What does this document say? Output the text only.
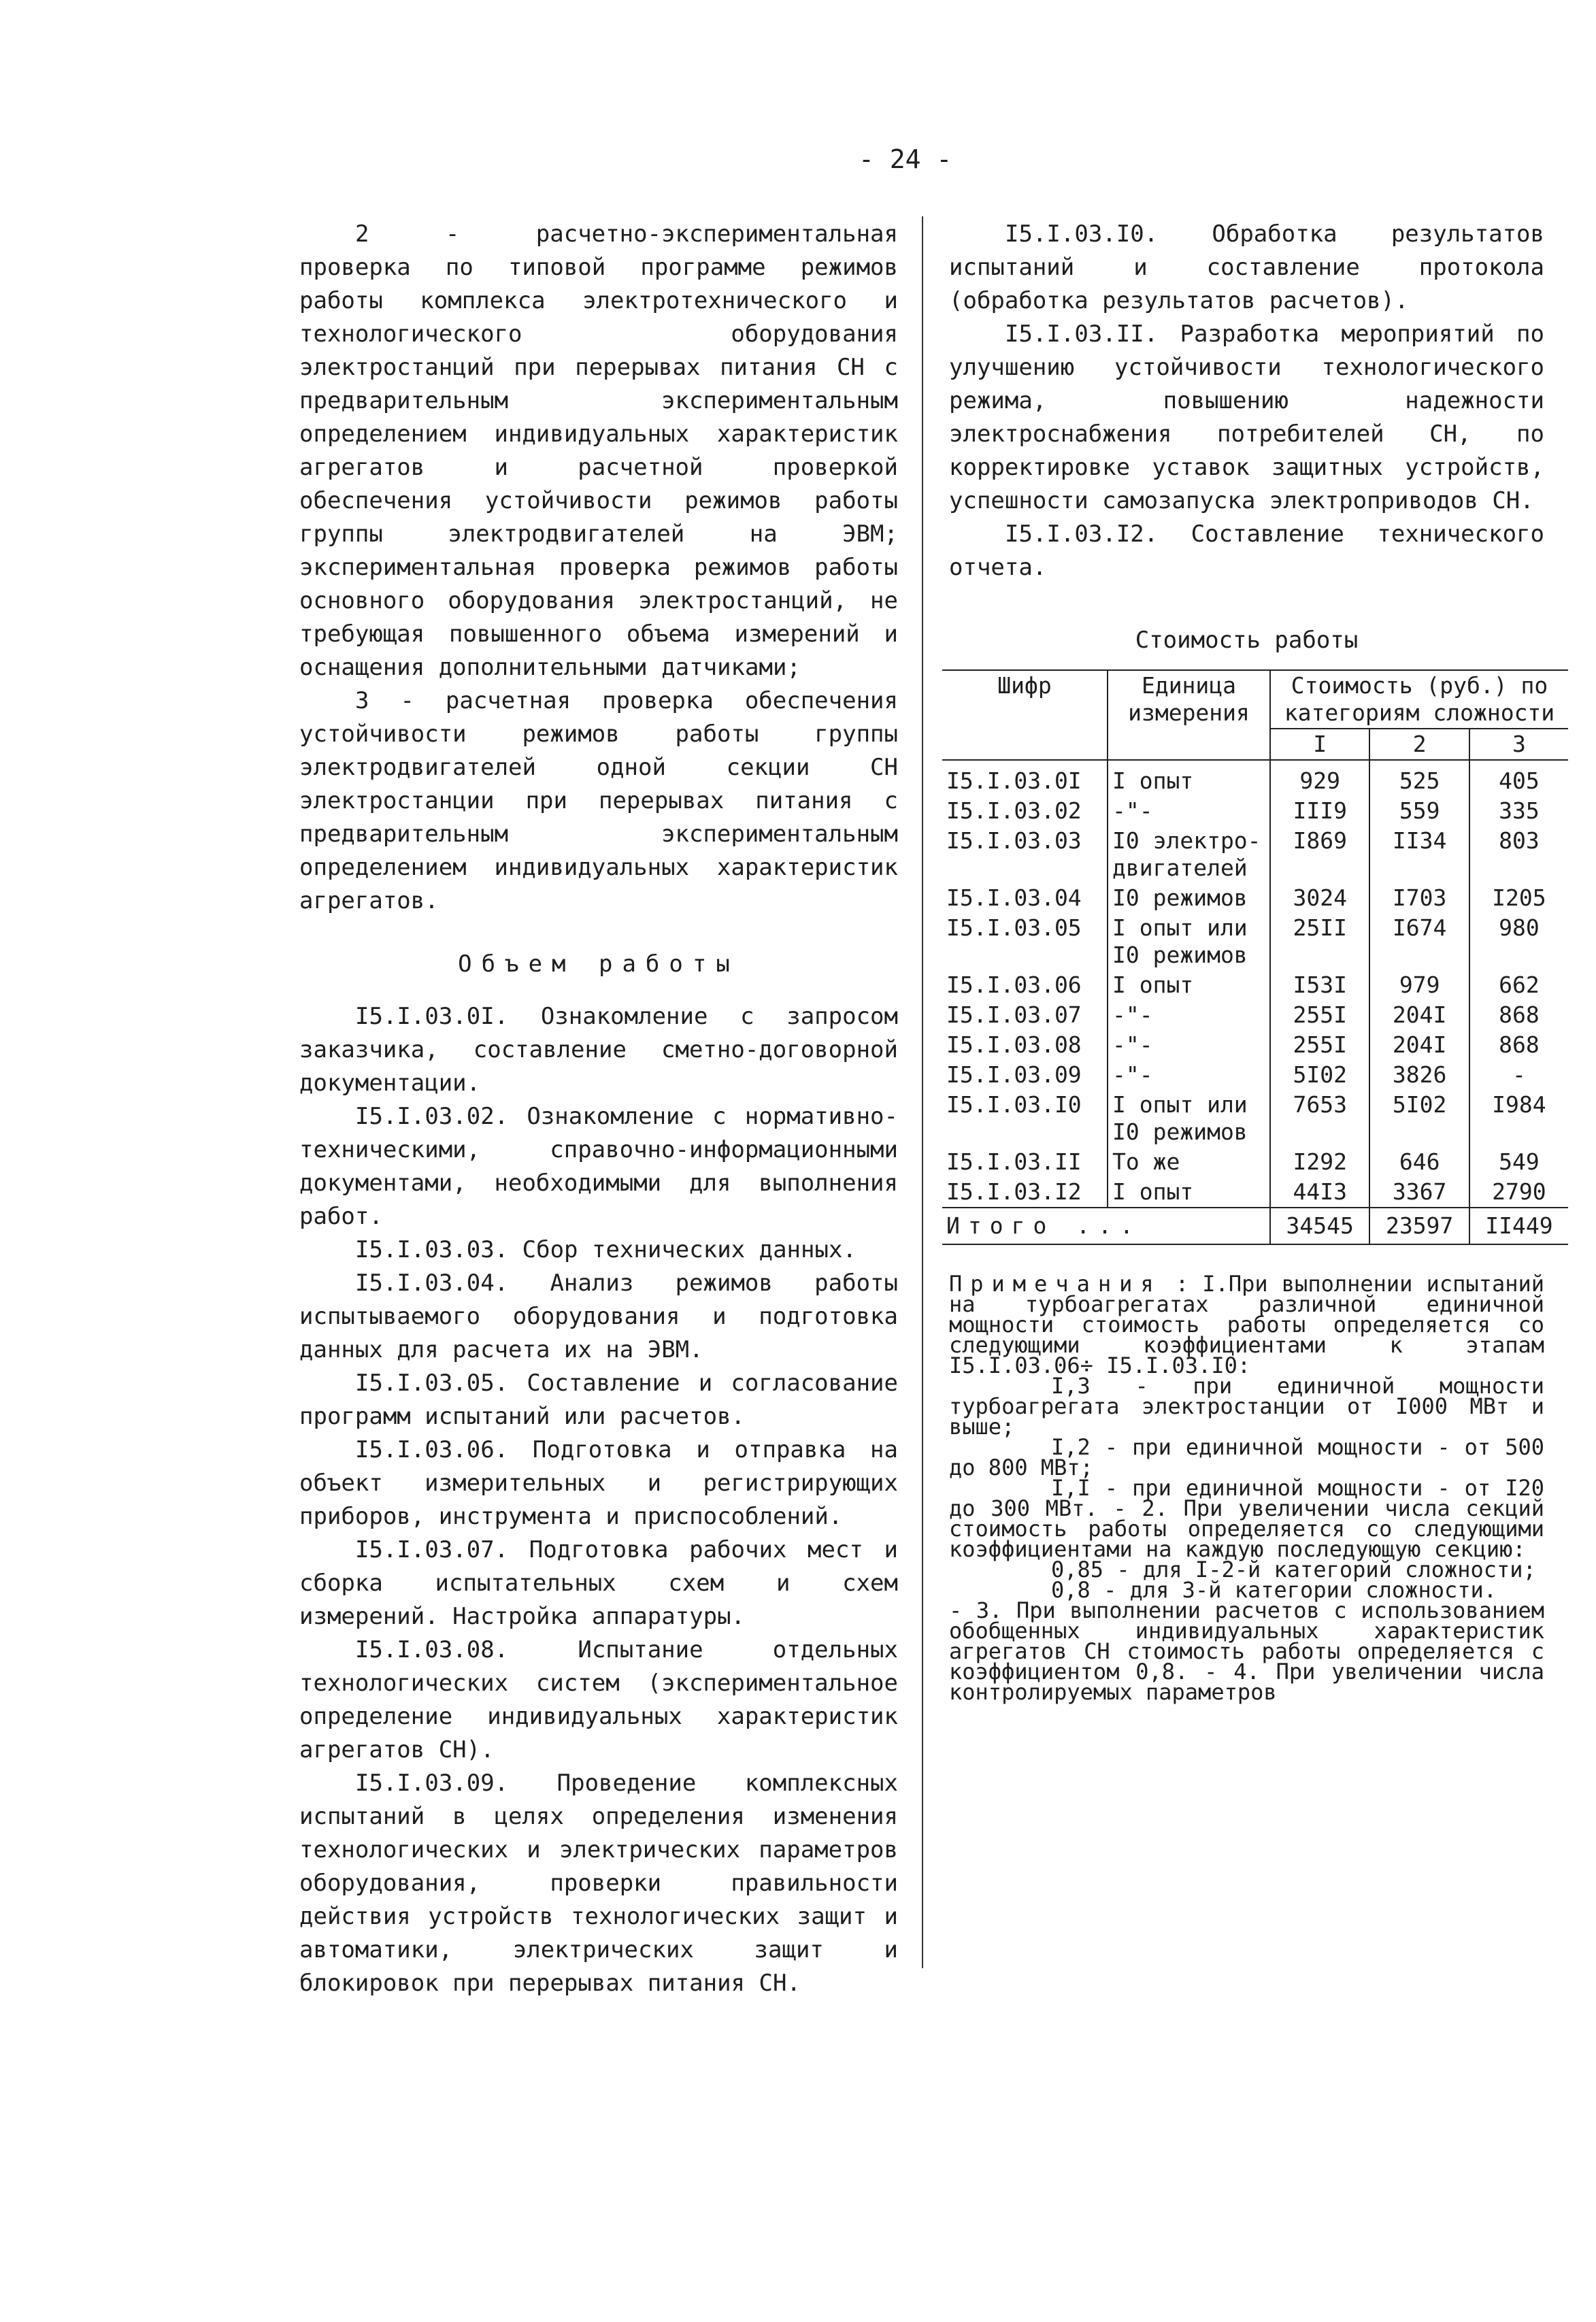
- 24 -

2 - расчетно-экспериментальная проверка по типовой программе режимов работы комплекса электротехнического и технологического оборудования электростанций при перерывах питания СН с предварительным экспериментальным определением индивидуальных характеристик агрегатов и расчетной проверкой обеспечения устойчивости режимов работы группы электродвигателей на ЭВМ; экспериментальная проверка режимов работы основного оборудования электростанций, не требующая повышенного объема измерений и оснащения дополнительными датчиками;

3 - расчетная проверка обеспечения устойчивости режимов работы группы электродвигателей одной секции СН электростанции при перерывах питания с предварительным экспериментальным определением индивидуальных характеристик агрегатов.

Объем работы

I5.I.03.0I. Ознакомление с запросом заказчика, составление сметно-договорной документации.

I5.I.03.02. Ознакомление с нормативно-техническими, справочно-информационными документами, необходимыми для выполнения работ.

I5.I.03.03. Сбор технических данных.

I5.I.03.04. Анализ режимов работы испытываемого оборудования и подготовка данных для расчета их на ЭВМ.

I5.I.03.05. Составление и согласование программ испытаний или расчетов.

I5.I.03.06. Подготовка и отправка на объект измерительных и регистрирующих приборов, инструмента и приспособлений.

I5.I.03.07. Подготовка рабочих мест и сборка испытательных схем и схем измерений. Настройка аппаратуры.

I5.I.03.08. Испытание отдельных технологических систем (экспериментальное определение индивидуальных характеристик агрегатов СН).

I5.I.03.09. Проведение комплексных испытаний в целях определения изменения технологических и электрических параметров оборудования, проверки правильности действия устройств технологических защит и автоматики, электрических защит и блокировок при перерывах питания СН.

I5.I.03.I0. Обработка результатов испытаний и составление протокола (обработка результатов расчетов).

I5.I.03.II. Разработка мероприятий по улучшению устойчивости технологического режима, повышению надежности электроснабжения потребителей СН, по корректировке уставок защитных устройств, успешности самозапуска электроприводов СН.

I5.I.03.I2. Составление технического отчета.

Стоимость работы

Шифр	Единица измерения	Стоимость (руб.) по категориям сложности		
		I	2	3
I5.I.03.0I	I опыт	929	525	405
I5.I.03.02	-"-	III9	559	335
I5.I.03.03	I0 электро-двигателей	I869	II34	803
I5.I.03.04	I0 режимов	3024	I703	I205
I5.I.03.05	I опыт или I0 режимов	25II	I674	980
I5.I.03.06	I опыт	I53I	979	662
I5.I.03.07	-"-	255I	204I	868
I5.I.03.08	-"-	255I	204I	868
I5.I.03.09	-"-	5I02	3826	-
I5.I.03.I0	I опыт или I0 режимов	7653	5I02	I984
I5.I.03.II	То же	I292	646	549
I5.I.03.I2	I опыт	44I3	3367	2790
Итого ...		34545	23597	II449

Примечания : I.При выполнении испытаний на турбоагрегатах различной единичной мощности стоимость работы определяется со следующими коэффициентами к этапам I5.I.03.06÷ I5.I.03.I0:

I,3 - при единичной мощности турбоагрегата электростанции от I000 МВт и выше;

I,2 - при единичной мощности - от 500 до 800 МВт;

I,I - при единичной мощности - от I20 до 300 МВт. - 2. При увеличении числа секций стоимость работы определяется со следующими коэффициентами на каждую последующую секцию:

0,85 - для I-2-й категорий сложности;

0,8 - для 3-й категории сложности.

- 3. При выполнении расчетов с использованием обобщенных индивидуальных характеристик агрегатов СН стоимость работы определяется с коэффициентом 0,8. - 4. При увеличении числа контролируемых параметров
